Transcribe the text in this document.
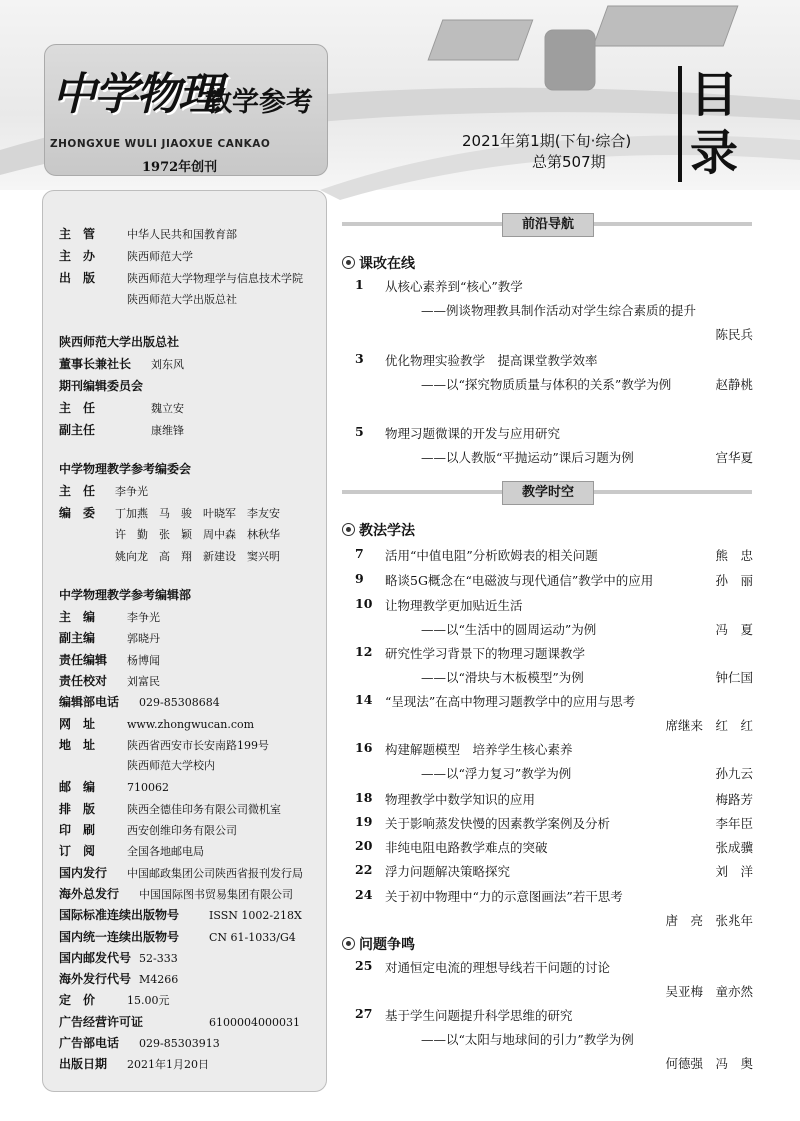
中学物理
教学参考
ZHONGXUE WULI JIAOXUE CANKAO
1972年创刊
2021年第1期(下旬·综合)
总第507期
目录
主　管	中华人民共和国教育部
主　办	陕西师范大学
出　版	陕西师范大学物理学与信息技术学院
陕西师范大学出版总社
陕西师范大学出版总社
董事长兼社长 刘东风
期刊编辑委员会
主　任	魏立安
副主任	康维锋
中学物理教学参考编委会
主　任 李争光
编　委 丁加燕　马　骏　叶晓军　李友安
许　勤　张　颖　周中森　林秋华
姚向龙　高　翔　新建设　窦兴明
中学物理教学参考编辑部
主　编	李争光
副主编	郭晓丹
责任编辑 杨博闻
责任校对 刘富民
编辑部电话 029-85308684
网　址	www.zhongwucan.com
地　址	陕西省西安市长安南路199号
陕西师范大学校内
邮　编	710062
排　版	陕西全德佳印务有限公司微机室
印　刷	西安创维印务有限公司
订　阅	全国各地邮电局
国内发行 中国邮政集团公司陕西省报刊发行局
海外总发行 中国国际图书贸易集团有限公司
国际标准连续出版物号	ISSN 1002-218X
国内统一连续出版物号	CN 61-1033/G4
国内邮发代号 52-333
海外发行代号 M4266
定　价	15.00元
广告经营许可证	6100004000031
广告部电话 029-85303913
出版日期 2021年1月20日
前沿导航
课改在线
1 从核心素养到“核心”教学
——例谈物理教具制作活动对学生综合素质的提升
陈民兵
3 优化物理实验教学　提高课堂教学效率
——以“探究物质质量与体积的关系”教学为例	赵静桃
5 物理习题微课的开发与应用研究
——以人教版“平抛运动”课后习题为例	宫华夏
教学时空
教法学法
7 活用“中值电阻”分析欧姆表的相关问题	熊　忠
9 略谈5G概念在“电磁波与现代通信”教学中的应用	孙　丽
10 让物理教学更加贴近生活
——以“生活中的圆周运动”为例	冯　夏
12 研究性学习背景下的物理习题课教学
——以“滑块与木板模型”为例	钟仁国
14 “呈现法”在高中物理习题教学中的应用与思考
席继来　红　红
16 构建解题模型　培养学生核心素养
——以“浮力复习”教学为例	孙九云
18 物理教学中数学知识的应用	梅路芳
19 关于影响蒸发快慢的因素教学案例及分析	李年臣
20 非纯电阻电路教学难点的突破	张成骥
22 浮力问题解决策略探究	刘　洋
24 关于初中物理中“力的示意图画法”若干思考
唐　亮　张兆年
问题争鸣
25 对通恒定电流的理想导线若干问题的讨论
吴亚梅　童亦然
27 基于学生问题提升科学思维的研究
——以“太阳与地球间的引力”教学为例
何德强　冯　奥
